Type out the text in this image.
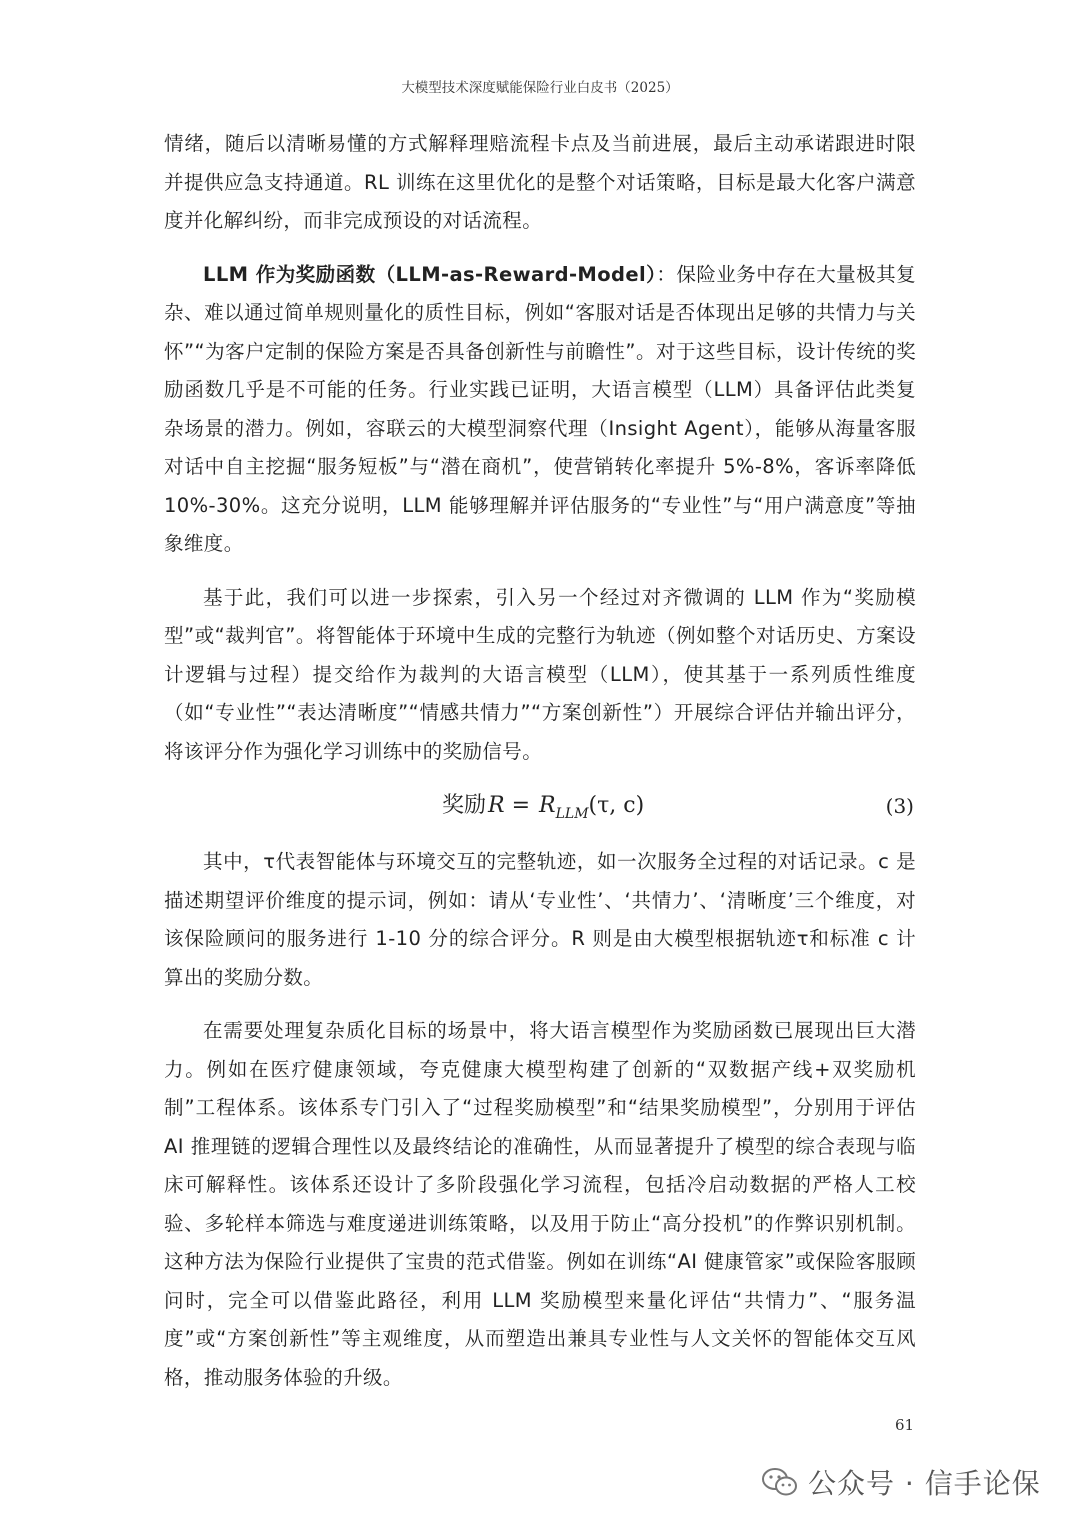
大模型技术深度赋能保险行业白皮书（2025）

情绪，随后以清晰易懂的方式解释理赔流程卡点及当前进展，最后主动承诺跟进时限并提供应急支持通道。RL 训练在这里优化的是整个对话策略，目标是最大化客户满意度并化解纠纷，而非完成预设的对话流程。

LLM 作为奖励函数（LLM-as-Reward-Model）：保险业务中存在大量极其复杂、难以通过简单规则量化的质性目标，例如“客服对话是否体现出足够的共情力与关怀”“为客户定制的保险方案是否具备创新性与前瞻性”。对于这些目标，设计传统的奖励函数几乎是不可能的任务。行业实践已证明，大语言模型（LLM）具备评估此类复杂场景的潜力。例如，容联云的大模型洞察代理（Insight Agent），能够从海量客服对话中自主挖掘“服务短板”与“潜在商机”，使营销转化率提升 5%-8%，客诉率降低 10%-30%。这充分说明，LLM 能够理解并评估服务的“专业性”与“用户满意度”等抽象维度。

基于此，我们可以进一步探索，引入另一个经过对齐微调的 LLM 作为“奖励模型”或“裁判官”。将智能体于环境中生成的完整行为轨迹（例如整个对话历史、方案设计逻辑与过程）提交给作为裁判的大语言模型（LLM），使其基于一系列质性维度（如“专业性”“表达清晰度”“情感共情力”“方案创新性”）开展综合评估并输出评分，将该评分作为强化学习训练中的奖励信号。

奖励$R = R_{LLM}(\tau$, c)	(3)

其中，τ代表智能体与环境交互的完整轨迹，如一次服务全过程的对话记录。c 是描述期望评价维度的提示词，例如：请从‘专业性’、‘共情力’、‘清晰度’三个维度，对该保险顾问的服务进行 1-10 分的综合评分。R 则是由大模型根据轨迹τ和标准 c 计算出的奖励分数。

在需要处理复杂质化目标的场景中，将大语言模型作为奖励函数已展现出巨大潜力。例如在医疗健康领域，夸克健康大模型构建了创新的“双数据产线+双奖励机制”工程体系。该体系专门引入了“过程奖励模型”和“结果奖励模型”，分别用于评估 AI 推理链的逻辑合理性以及最终结论的准确性，从而显著提升了模型的综合表现与临床可解释性。该体系还设计了多阶段强化学习流程，包括冷启动数据的严格人工校验、多轮样本筛选与难度递进训练策略，以及用于防止“高分投机”的作弊识别机制。这种方法为保险行业提供了宝贵的范式借鉴。例如在训练“AI 健康管家”或保险客服顾问时，完全可以借鉴此路径，利用 LLM 奖励模型来量化评估“共情力”、“服务温度”或“方案创新性”等主观维度，从而塑造出兼具专业性与人文关怀的智能体交互风格，推动服务体验的升级。

61
公众号 · 信手论保
